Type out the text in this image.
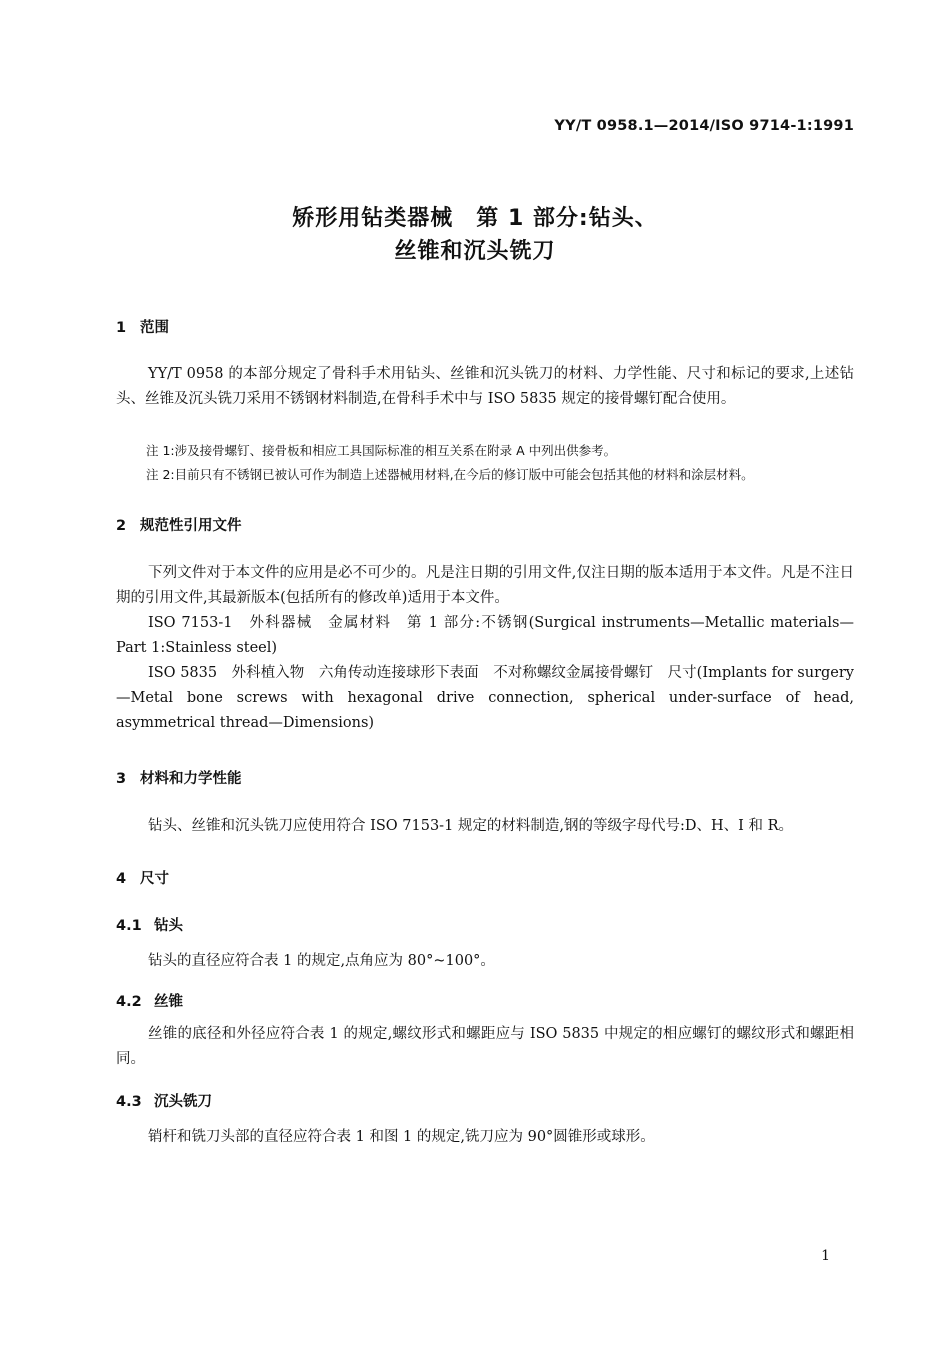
YY/T 0958.1—2014/ISO 9714-1:1991
矫形用钻类器械　第 1 部分:钻头、
丝锥和沉头铣刀
1 范围
YY/T 0958 的本部分规定了骨科手术用钻头、丝锥和沉头铣刀的材料、力学性能、尺寸和标记的要求,上述钻头、丝锥及沉头铣刀采用不锈钢材料制造,在骨科手术中与 ISO 5835 规定的接骨螺钉配合使用。
注 1:涉及接骨螺钉、接骨板和相应工具国际标准的相互关系在附录 A 中列出供参考。
注 2:目前只有不锈钢已被认可作为制造上述器械用材料,在今后的修订版中可能会包括其他的材料和涂层材料。
2 规范性引用文件
下列文件对于本文件的应用是必不可少的。凡是注日期的引用文件,仅注日期的版本适用于本文件。凡是不注日期的引用文件,其最新版本(包括所有的修改单)适用于本文件。
ISO 7153-1　外科器械　金属材料　第 1 部分:不锈钢(Surgical instruments—Metallic materials—Part 1:Stainless steel)
ISO 5835　外科植入物　六角传动连接球形下表面　不对称螺纹金属接骨螺钉　尺寸(Implants for surgery—Metal bone screws with hexagonal drive connection, spherical under-surface of head, asymmetrical thread—Dimensions)
3 材料和力学性能
钻头、丝锥和沉头铣刀应使用符合 ISO 7153-1 规定的材料制造,钢的等级字母代号:D、H、I 和 R。
4 尺寸
4.1 钻头
钻头的直径应符合表 1 的规定,点角应为 80°~100°。
4.2 丝锥
丝锥的底径和外径应符合表 1 的规定,螺纹形式和螺距应与 ISO 5835 中规定的相应螺钉的螺纹形式和螺距相同。
4.3 沉头铣刀
销杆和铣刀头部的直径应符合表 1 和图 1 的规定,铣刀应为 90°圆锥形或球形。
1
